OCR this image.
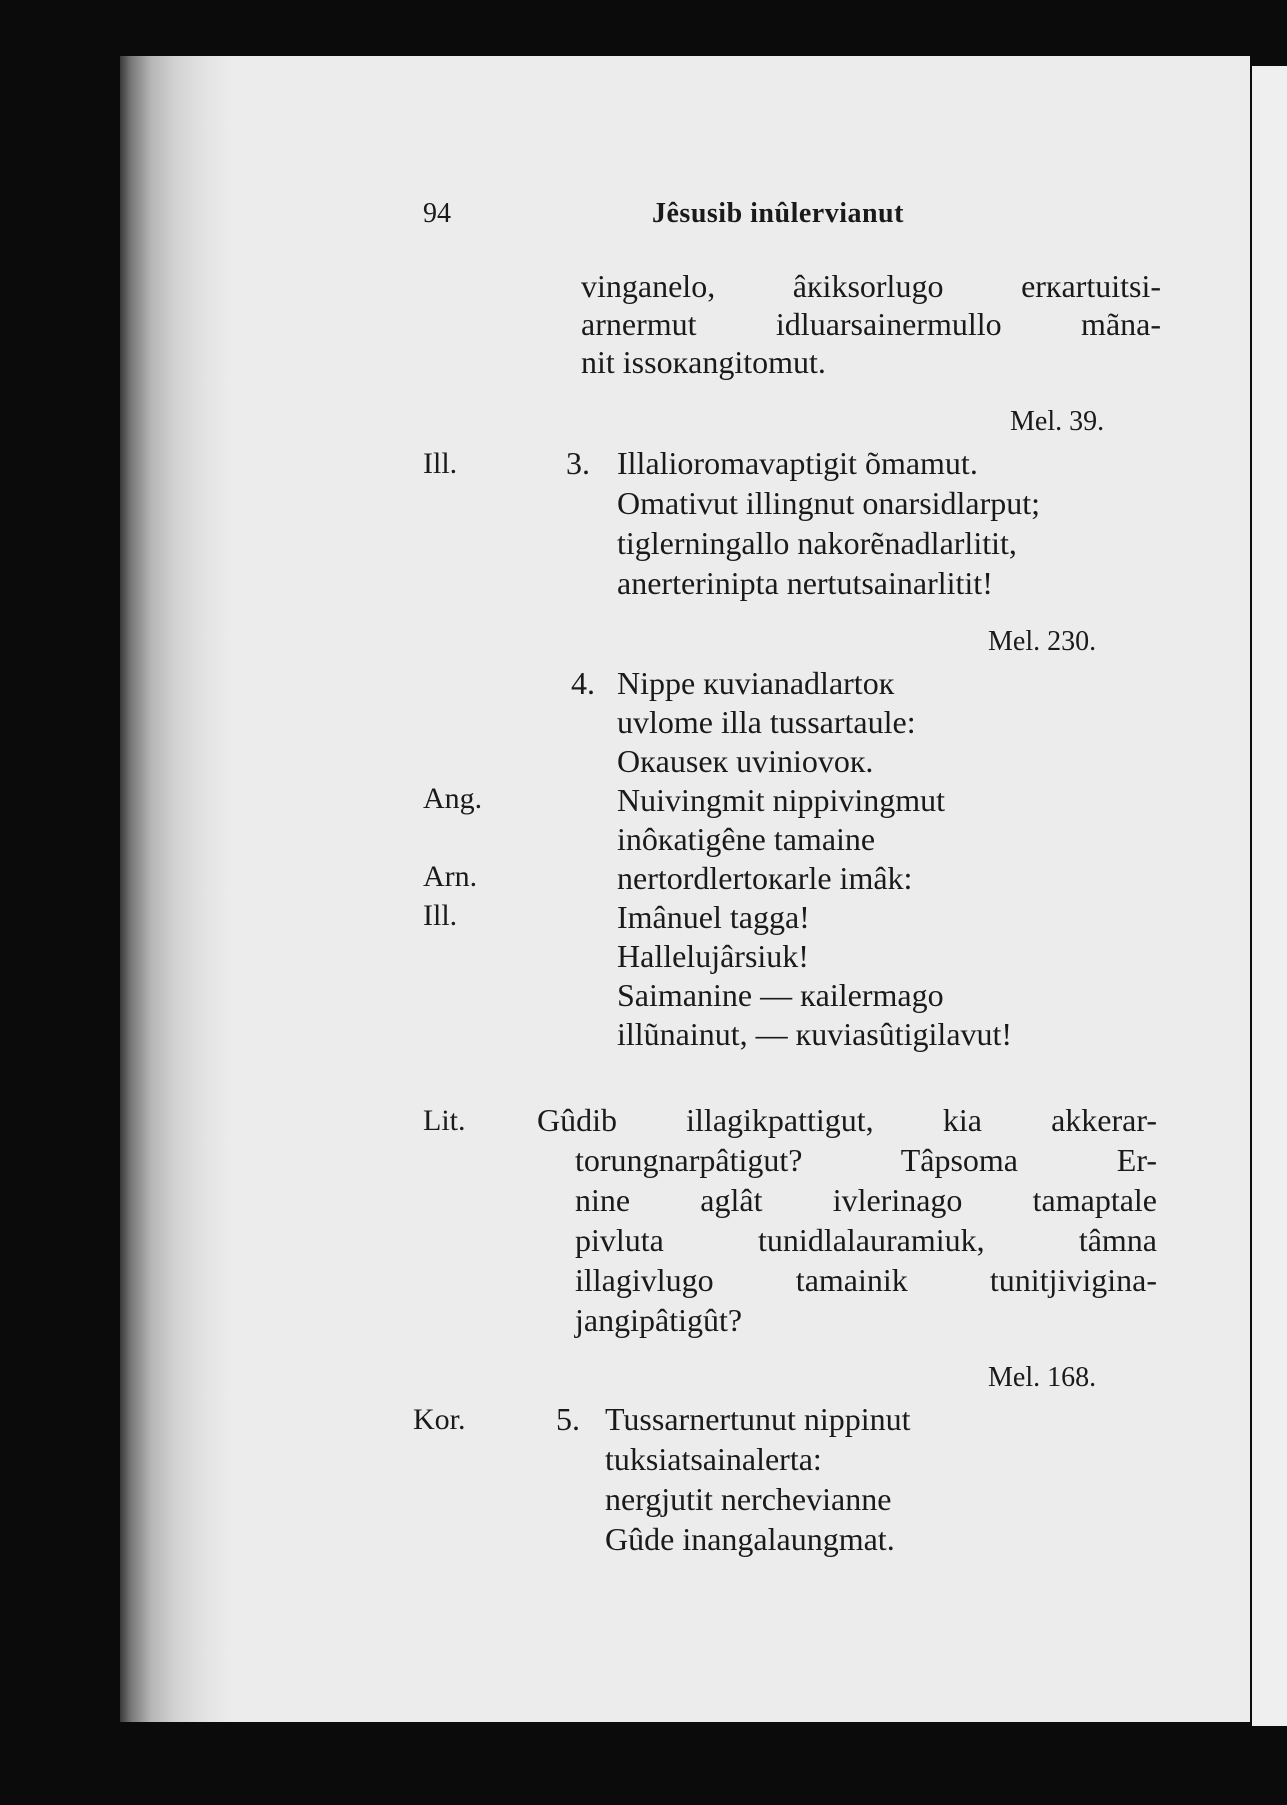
94	Jêsusib inûlervianut
vinganelo, âкiksorlugo erкartuitsi-
arnermut idluarsainermullo mãna-
nit issoкangitomut.
Mel. 39.
Ill.	3. Illalioromavaptigit õmamut.
Omativut illingnut onarsidlarput;
tiglerningallo nakorẽnadlarlitit,
anerterinipta nertutsainarlitit!
Mel. 230.
4. Nippe кuvianadlartoк
uvlome illa tussartaule:
Oкauseк uviniovoк.
Ang.	Nuivingmit nippivingmut
inôкatigêne tamaine
Arn.	nertordlertoкarle imâk:
Ill.	Imânuel tagga!
Hallelujârsiuk!
Saimanine — кailermago
illũnainut, — кuviasûtigilavut!
Lit. Gûdib illagikpattigut, kia akkerar-
torungnarpâtigut? Tâpsoma Er-
nine aglât ivlerinago tamaptale
pivluta tunidlalauramiuk, tâmna
illagivlugo tamainik tunitjivigina-
jangipâtigût?
Mel. 168.
Kor.	5. Tussarnertunut nippinut
tuksiatsainalerta:
nergjutit nerchevianne
Gûde inangalaungmat.
